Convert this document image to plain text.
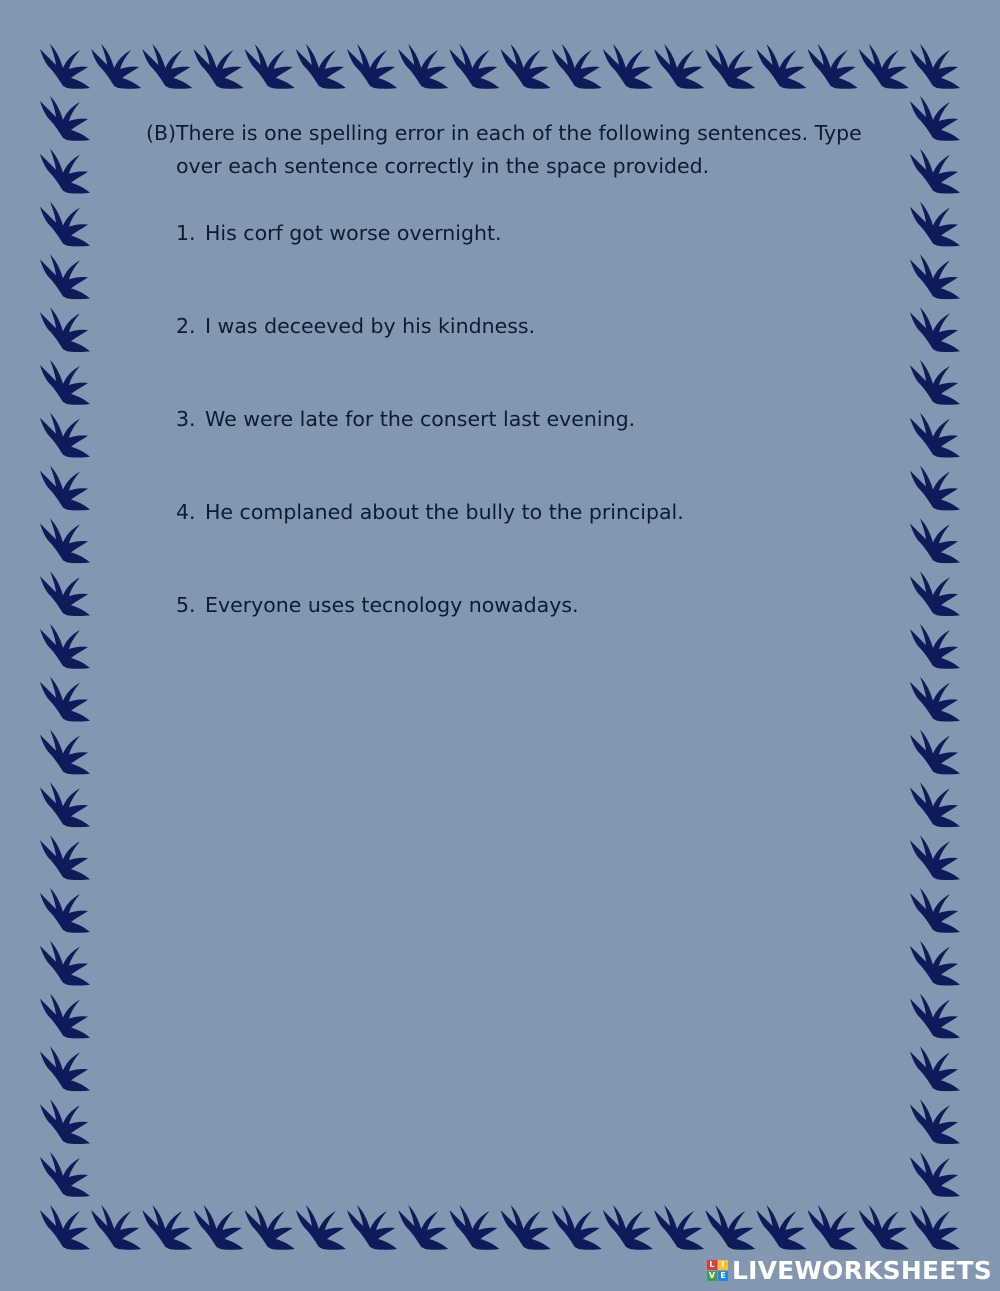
(B) There is one spelling error in each of the following sentences. Type over each sentence correctly in the space provided.
1. His corf got worse overnight.
2. I was deceeved by his kindness.
3. We were late for the consert last evening.
4. He complaned about the bully to the principal.
5. Everyone uses tecnology nowadays.
L I
V E LIVEWORKSHEETS
